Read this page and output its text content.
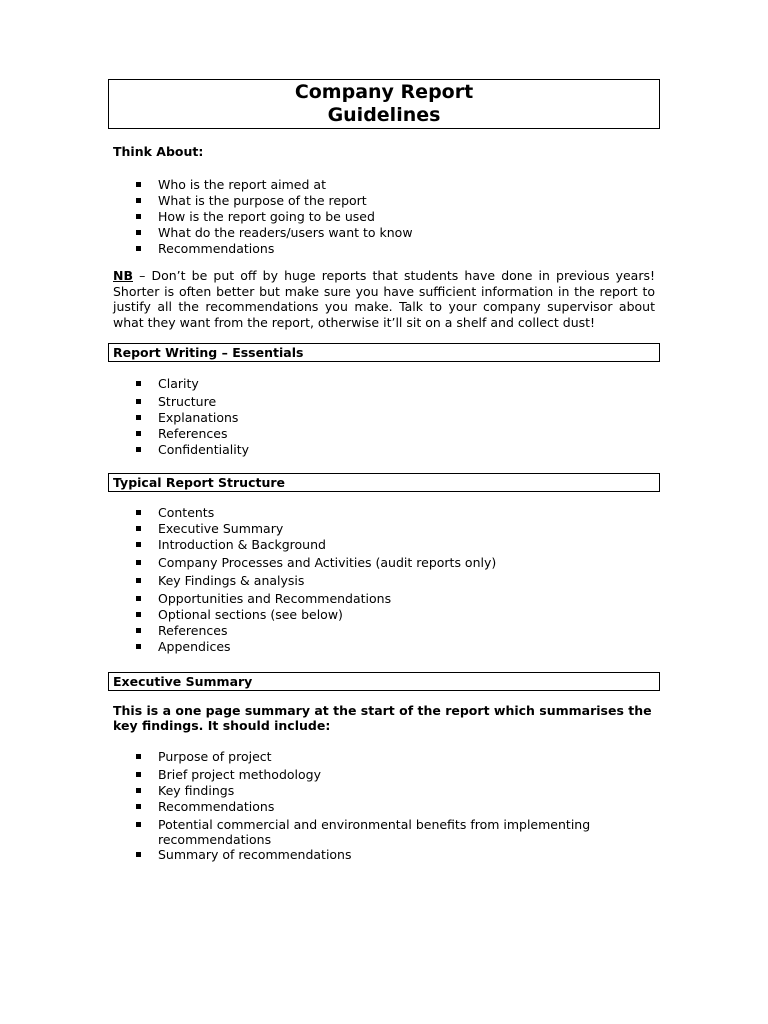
Company Report
Guidelines
Think About:
Who is the report aimed at
What is the purpose of the report
How is the report going to be used
What do the readers/users want to know
Recommendations
NB – Don’t be put off by huge reports that students have done in previous years! Shorter is often better but make sure you have sufficient information in the report to justify all the recommendations you make. Talk to your company supervisor about what they want from the report, otherwise it’ll sit on a shelf and collect dust!
Report Writing – Essentials
Clarity
Structure
Explanations
References
Confidentiality
Typical Report Structure
Contents
Executive Summary
Introduction & Background
Company Processes and Activities (audit reports only)
Key Findings & analysis
Opportunities and Recommendations
Optional sections (see below)
References
Appendices
Executive Summary
This is a one page summary at the start of the report which summarises the key findings. It should include:
Purpose of project
Brief project methodology
Key findings
Recommendations
Potential commercial and environmental benefits from implementing recommendations
Summary of recommendations
